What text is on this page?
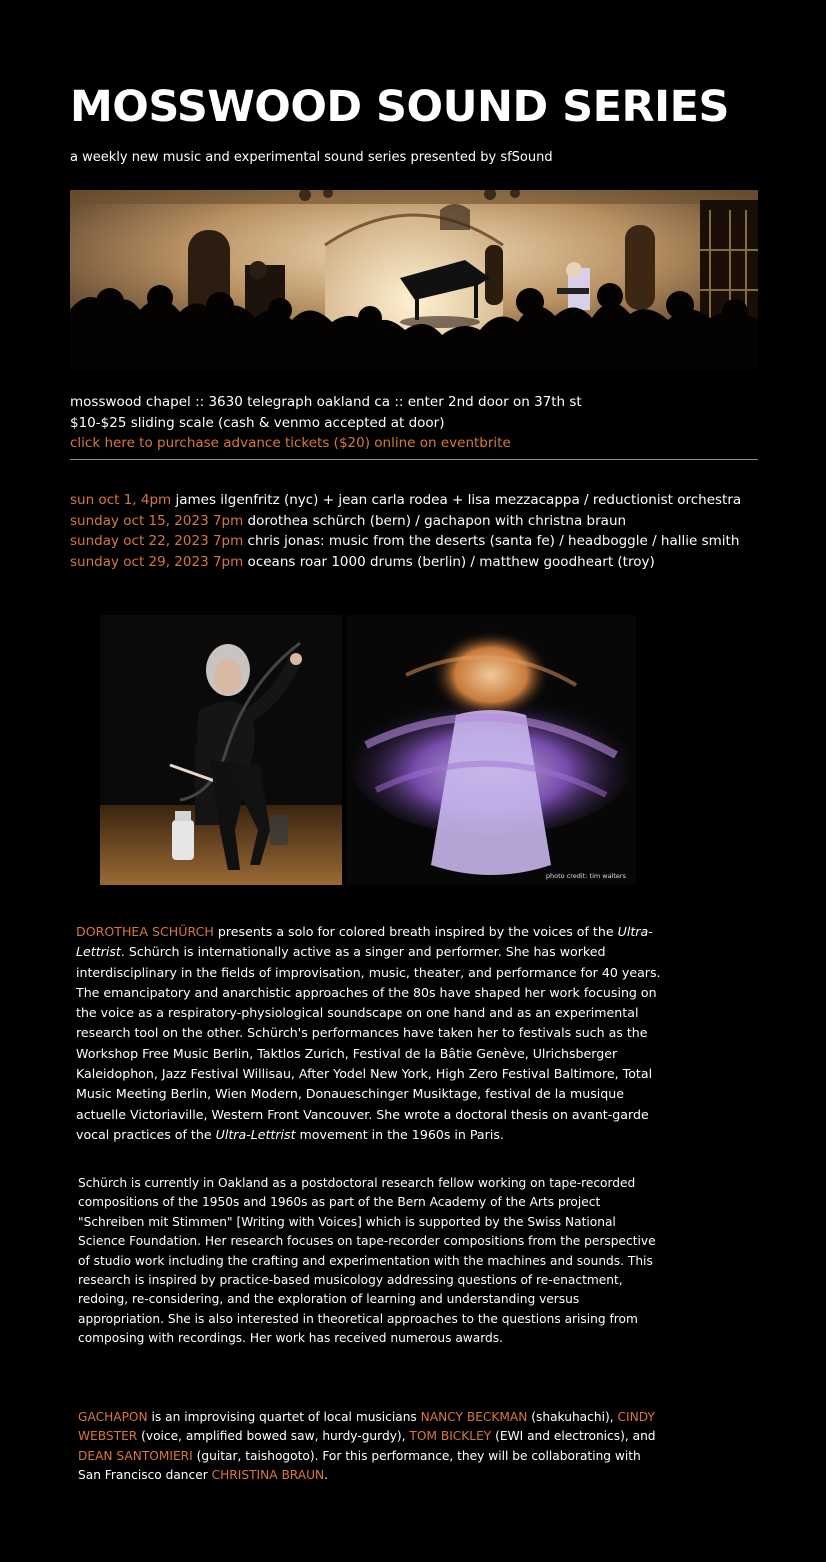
MOSSWOOD SOUND SERIES
a weekly new music and experimental sound series presented by sfSound
mosswood chapel :: 3630 telegraph oakland ca :: enter 2nd door on 37th st
$10-$25 sliding scale (cash & venmo accepted at door)
click here to purchase advance tickets ($20) online on eventbrite
sun oct 1, 4pm james ilgenfritz (nyc) + jean carla rodea + lisa mezzacappa / reductionist orchestra
sunday oct 15, 2023 7pm dorothea schürch (bern) / gachapon with christna braun
sunday oct 22, 2023 7pm chris jonas: music from the deserts (santa fe) / headboggle / hallie smith
sunday oct 29, 2023 7pm oceans roar 1000 drums (berlin) / matthew goodheart (troy)
photo credit: tim walters
DOROTHEA SCHÜRCH presents a solo for colored breath inspired by the voices of the Ultra-Lettrist. Schürch is internationally active as a singer and performer. She has worked interdisciplinary in the fields of improvisation, music, theater, and performance for 40 years. The emancipatory and anarchistic approaches of the 80s have shaped her work focusing on the voice as a respiratory-physiological soundscape on one hand and as an experimental research tool on the other. Schürch's performances have taken her to festivals such as the Workshop Free Music Berlin, Taktlos Zurich, Festival de la Bâtie Genève, Ulrichsberger Kaleidophon, Jazz Festival Willisau, After Yodel New York, High Zero Festival Baltimore, Total Music Meeting Berlin, Wien Modern, Donaueschinger Musiktage, festival de la musique actuelle Victoriaville, Western Front Vancouver. She wrote a doctoral thesis on avant-garde vocal practices of the Ultra-Lettrist movement in the 1960s in Paris.
Schürch is currently in Oakland as a postdoctoral research fellow working on tape-recorded compositions of the 1950s and 1960s as part of the Bern Academy of the Arts project "Schreiben mit Stimmen" [Writing with Voices] which is supported by the Swiss National Science Foundation. Her research focuses on tape-recorder compositions from the perspective of studio work including the crafting and experimentation with the machines and sounds. This research is inspired by practice-based musicology addressing questions of re-enactment, redoing, re-considering, and the exploration of learning and understanding versus appropriation. She is also interested in theoretical approaches to the questions arising from composing with recordings. Her work has received numerous awards.
GACHAPON is an improvising quartet of local musicians NANCY BECKMAN (shakuhachi), CINDY WEBSTER (voice, amplified bowed saw, hurdy-gurdy), TOM BICKLEY (EWI and electronics), and DEAN SANTOMIERI (guitar, taishogoto). For this performance, they will be collaborating with San Francisco dancer CHRISTINA BRAUN.
